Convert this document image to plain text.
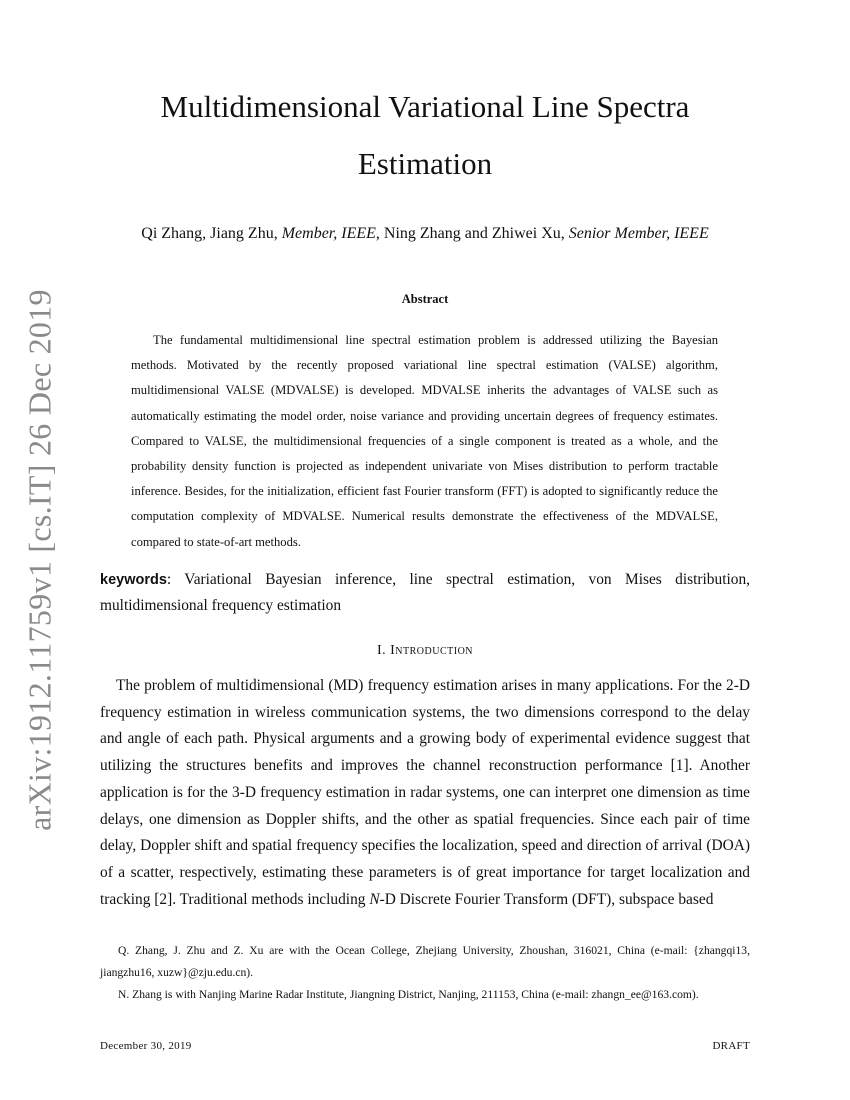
arXiv:1912.11759v1 [cs.IT] 26 Dec 2019
Multidimensional Variational Line Spectra Estimation
Qi Zhang, Jiang Zhu, Member, IEEE, Ning Zhang and Zhiwei Xu, Senior Member, IEEE
Abstract

The fundamental multidimensional line spectral estimation problem is addressed utilizing the Bayesian methods. Motivated by the recently proposed variational line spectral estimation (VALSE) algorithm, multidimensional VALSE (MDVALSE) is developed. MDVALSE inherits the advantages of VALSE such as automatically estimating the model order, noise variance and providing uncertain degrees of frequency estimates. Compared to VALSE, the multidimensional frequencies of a single component is treated as a whole, and the probability density function is projected as independent univariate von Mises distribution to perform tractable inference. Besides, for the initialization, efficient fast Fourier transform (FFT) is adopted to significantly reduce the computation complexity of MDVALSE. Numerical results demonstrate the effectiveness of the MDVALSE, compared to state-of-art methods.

keywords: Variational Bayesian inference, line spectral estimation, von Mises distribution, multidimensional frequency estimation

I. Introduction

The problem of multidimensional (MD) frequency estimation arises in many applications. For the 2-D frequency estimation in wireless communication systems, the two dimensions correspond to the delay and angle of each path. Physical arguments and a growing body of experimental evidence suggest that utilizing the structures benefits and improves the channel reconstruction performance [1]. Another application is for the 3-D frequency estimation in radar systems, one can interpret one dimension as time delays, one dimension as Doppler shifts, and the other as spatial frequencies. Since each pair of time delay, Doppler shift and spatial frequency specifies the localization, speed and direction of arrival (DOA) of a scatter, respectively, estimating these parameters is of great importance for target localization and tracking [2]. Traditional methods including N-D Discrete Fourier Transform (DFT), subspace based

Q. Zhang, J. Zhu and Z. Xu are with the Ocean College, Zhejiang University, Zhoushan, 316021, China (e-mail: {zhangqi13, jiangzhu16, xuzw}@zju.edu.cn).

N. Zhang is with Nanjing Marine Radar Institute, Jiangning District, Nanjing, 211153, China (e-mail: zhangn_ee@163.com).

December 30, 2019	DRAFT
